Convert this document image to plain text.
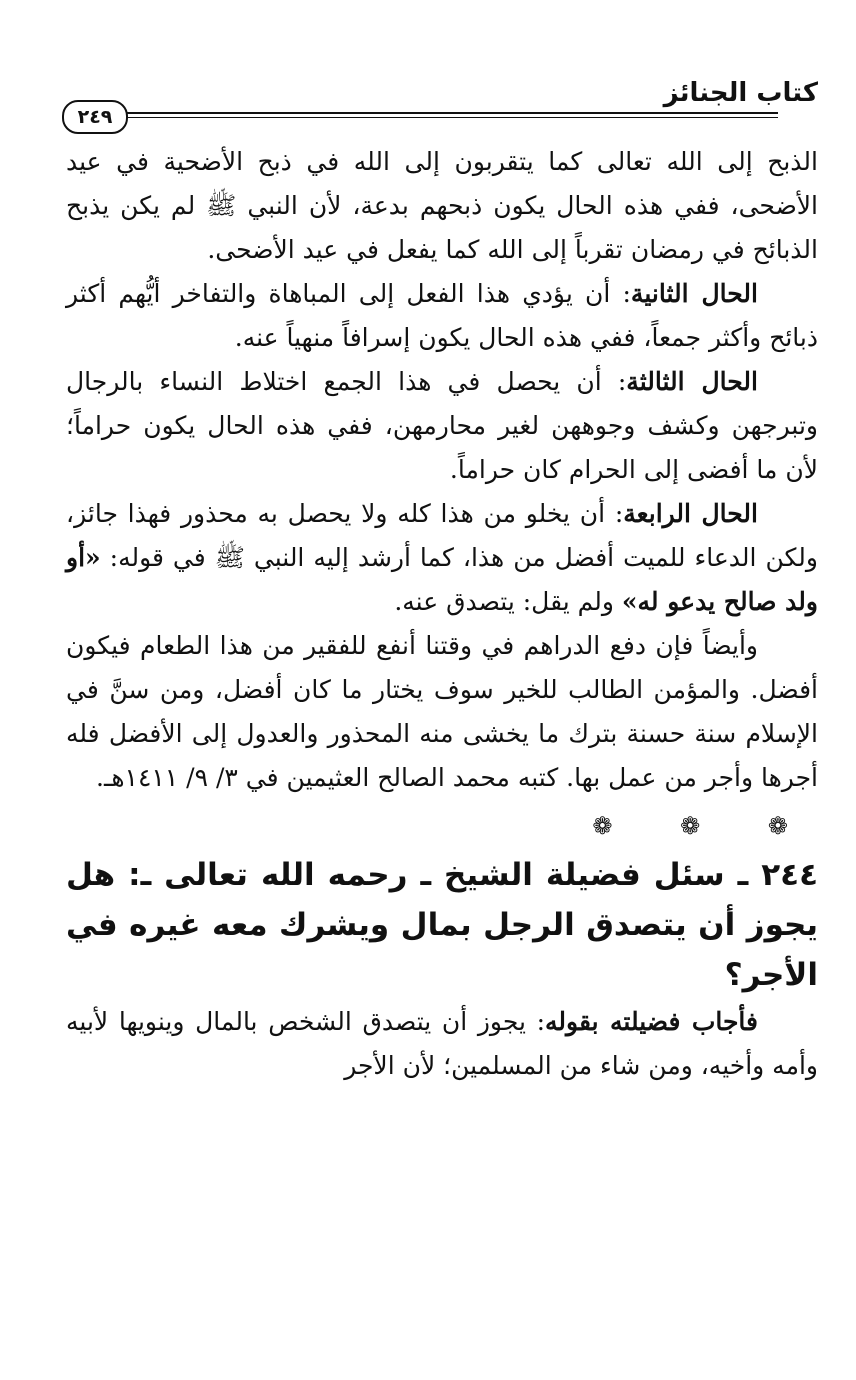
كتاب الجنائز
٢٤٩

الذبح إلى الله تعالى كما يتقربون إلى الله في ذبح الأضحية في عيد الأضحى، ففي هذه الحال يكون ذبحهم بدعة، لأن النبي ﷺ لم يكن يذبح الذبائح في رمضان تقرباً إلى الله كما يفعل في عيد الأضحى.

الحال الثانية: أن يؤدي هذا الفعل إلى المباهاة والتفاخر أيُّهم أكثر ذبائح وأكثر جمعاً، ففي هذه الحال يكون إسرافاً منهياً عنه.

الحال الثالثة: أن يحصل في هذا الجمع اختلاط النساء بالرجال وتبرجهن وكشف وجوههن لغير محارمهن، ففي هذه الحال يكون حراماً؛ لأن ما أفضى إلى الحرام كان حراماً.

الحال الرابعة: أن يخلو من هذا كله ولا يحصل به محذور فهذا جائز، ولكن الدعاء للميت أفضل من هذا، كما أرشد إليه النبي ﷺ في قوله: «أو ولد صالح يدعو له» ولم يقل: يتصدق عنه.

وأيضاً فإن دفع الدراهم في وقتنا أنفع للفقير من هذا الطعام فيكون أفضل. والمؤمن الطالب للخير سوف يختار ما كان أفضل، ومن سنَّ في الإسلام سنة حسنة بترك ما يخشى منه المحذور والعدول إلى الأفضل فله أجرها وأجر من عمل بها. كتبه محمد الصالح العثيمين في ٣/ ٩/ ١٤١١هـ.

❁ ❁ ❁

٢٤٤ ـ سئل فضيلة الشيخ ـ رحمه الله تعالى ـ: هل يجوز أن يتصدق الرجل بمال ويشرك معه غيره في الأجر؟

فأجاب فضيلته بقوله: يجوز أن يتصدق الشخص بالمال وينويها لأبيه وأمه وأخيه، ومن شاء من المسلمين؛ لأن الأجر
